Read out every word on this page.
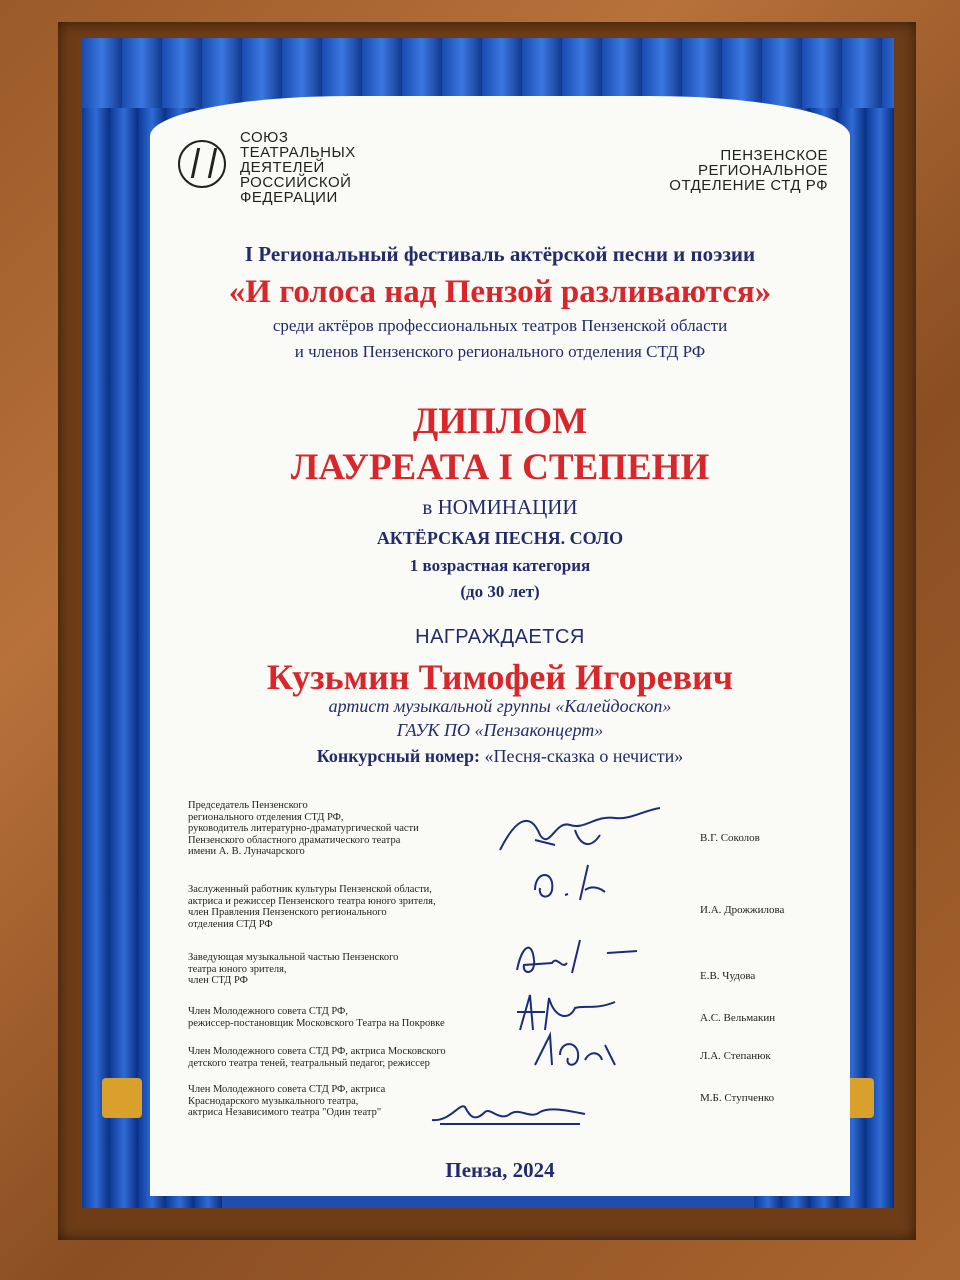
СОЮЗ
ТЕАТРАЛЬНЫХ
ДЕЯТЕЛЕЙ
РОССИЙСКОЙ
ФЕДЕРАЦИИ
ПЕНЗЕНСКОЕ
РЕГИОНАЛЬНОЕ
ОТДЕЛЕНИЕ СТД РФ
I Региональный фестиваль актёрской песни и поэзии
«И голоса над Пензой разливаются»
среди актёров профессиональных театров Пензенской области
и членов Пензенского регионального отделения СТД РФ
ДИПЛОМ
ЛАУРЕАТА I СТЕПЕНИ
в НОМИНАЦИИ
АКТЁРСКАЯ ПЕСНЯ. СОЛО
1 возрастная категория
(до 30 лет)
НАГРАЖДАЕТСЯ
Кузьмин Тимофей Игоревич
артист музыкальной группы «Калейдоскоп»
ГАУК ПО «Пензаконцерт»
Конкурсный номер: «Песня-сказка о нечисти»
Председатель Пензенского
регионального отделения СТД РФ,
руководитель литературно-драматургической части
Пензенского областного драматического театра
имени А. В. Луначарского
В.Г. Соколов
Заслуженный работник культуры Пензенской области,
актриса и режиссер Пензенского театра юного зрителя,
член Правления Пензенского регионального
отделения СТД РФ
И.А. Дрожжилова
Заведующая музыкальной частью Пензенского
театра юного зрителя,
член СТД РФ	Е.В. Чудова
Член Молодежного совета СТД РФ,
режиссер-постановщик Московского Театра на Покровке	А.С. Вельмакин
Член Молодежного совета СТД РФ, актриса Московского
детского театра теней, театральный педагог, режиссер
Л.А. Степанюк
Член Молодежного совета СТД РФ, актриса
Краснодарского музыкального театра,
актриса Независимого театра "Один театр"
М.Б. Ступченко
Пенза, 2024
